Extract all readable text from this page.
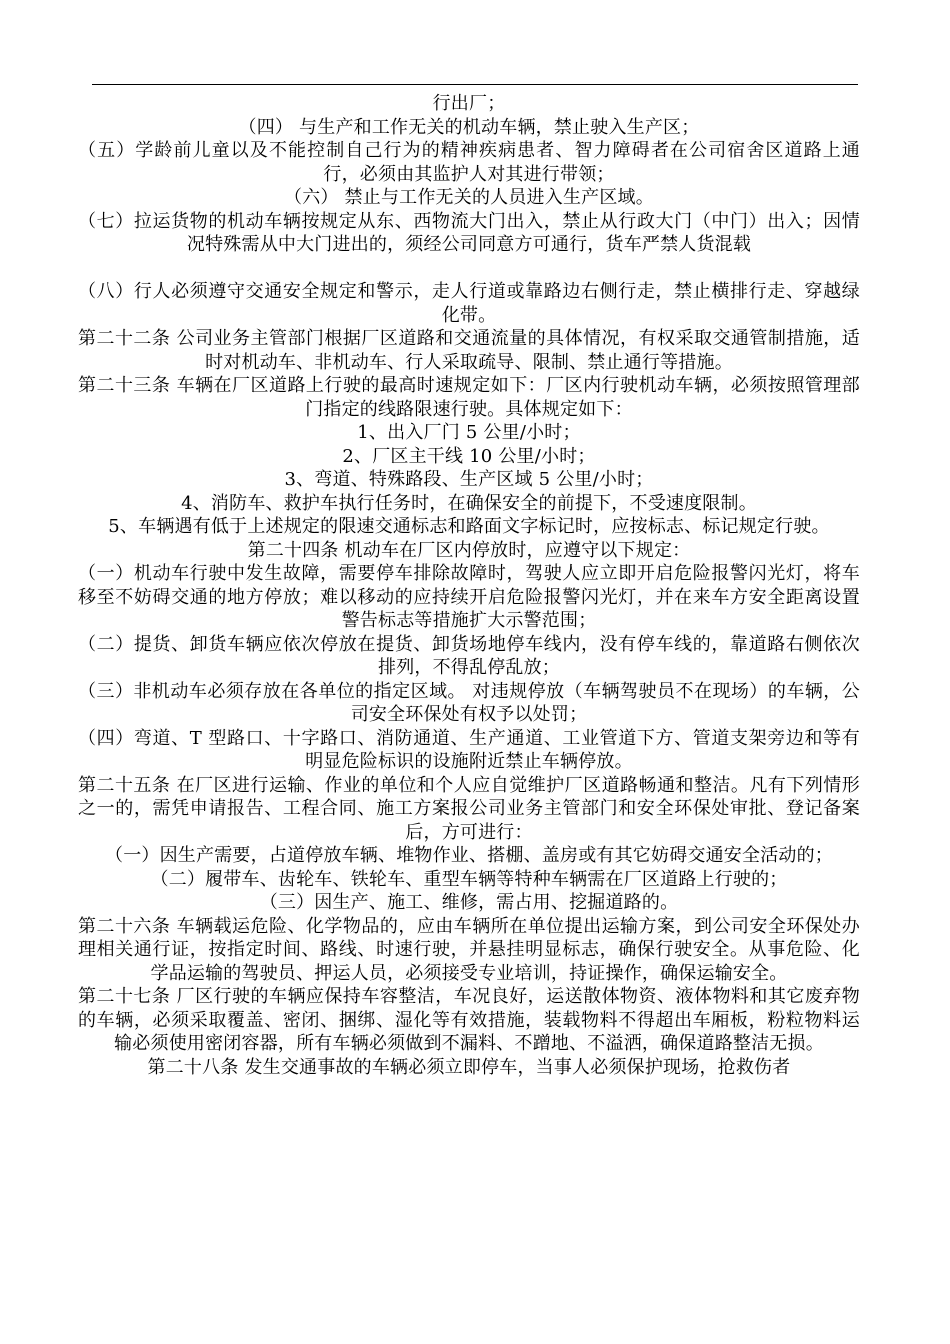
行出厂；

（四） 与生产和工作无关的机动车辆，禁止驶入生产区；

（五）学龄前儿童以及不能控制自己行为的精神疾病患者、智力障碍者在公司宿舍区道路上通行，必须由其监护人对其进行带领；

（六） 禁止与工作无关的人员进入生产区域。

（七）拉运货物的机动车辆按规定从东、西物流大门出入，禁止从行政大门（中门）出入；因情况特殊需从中大门进出的，须经公司同意方可通行，货车严禁人货混载

（八）行人必须遵守交通安全规定和警示，走人行道或靠路边右侧行走，禁止横排行走、穿越绿化带。

第二十二条 公司业务主管部门根据厂区道路和交通流量的具体情况，有权采取交通管制措施，适时对机动车、非机动车、行人采取疏导、限制、禁止通行等措施。

第二十三条 车辆在厂区道路上行驶的最高时速规定如下：厂区内行驶机动车辆，必须按照管理部门指定的线路限速行驶。具体规定如下：

1、出入厂门 5 公里/小时；

2、厂区主干线 10 公里/小时；

3、弯道、特殊路段、生产区域 5 公里/小时；

4、消防车、救护车执行任务时，在确保安全的前提下，不受速度限制。

5、车辆遇有低于上述规定的限速交通标志和路面文字标记时，应按标志、标记规定行驶。

第二十四条 机动车在厂区内停放时，应遵守以下规定：

（一）机动车行驶中发生故障，需要停车排除故障时，驾驶人应立即开启危险报警闪光灯，将车移至不妨碍交通的地方停放；难以移动的应持续开启危险报警闪光灯，并在来车方安全距离设置警告标志等措施扩大示警范围；

（二）提货、卸货车辆应依次停放在提货、卸货场地停车线内，没有停车线的，靠道路右侧依次排列，不得乱停乱放；

（三）非机动车必须存放在各单位的指定区域。 对违规停放（车辆驾驶员不在现场）的车辆，公司安全环保处有权予以处罚；

（四）弯道、T 型路口、十字路口、消防通道、生产通道、工业管道下方、管道支架旁边和等有明显危险标识的设施附近禁止车辆停放。

第二十五条 在厂区进行运输、作业的单位和个人应自觉维护厂区道路畅通和整洁。凡有下列情形之一的，需凭申请报告、工程合同、施工方案报公司业务主管部门和安全环保处审批、登记备案后，方可进行：

（一）因生产需要，占道停放车辆、堆物作业、搭棚、盖房或有其它妨碍交通安全活动的；

（二）履带车、齿轮车、铁轮车、重型车辆等特种车辆需在厂区道路上行驶的；

（三）因生产、施工、维修，需占用、挖掘道路的。

第二十六条 车辆载运危险、化学物品的，应由车辆所在单位提出运输方案，到公司安全环保处办理相关通行证，按指定时间、路线、时速行驶，并悬挂明显标志，确保行驶安全。从事危险、化学品运输的驾驶员、押运人员，必须接受专业培训，持证操作，确保运输安全。

第二十七条 厂区行驶的车辆应保持车容整洁，车况良好，运送散体物资、液体物料和其它废弃物的车辆，必须采取覆盖、密闭、捆绑、湿化等有效措施，装载物料不得超出车厢板，粉粒物料运输必须使用密闭容器，所有车辆必须做到不漏料、不蹭地、不溢洒，确保道路整洁无损。

第二十八条 发生交通事故的车辆必须立即停车，当事人必须保护现场，抢救伤者
